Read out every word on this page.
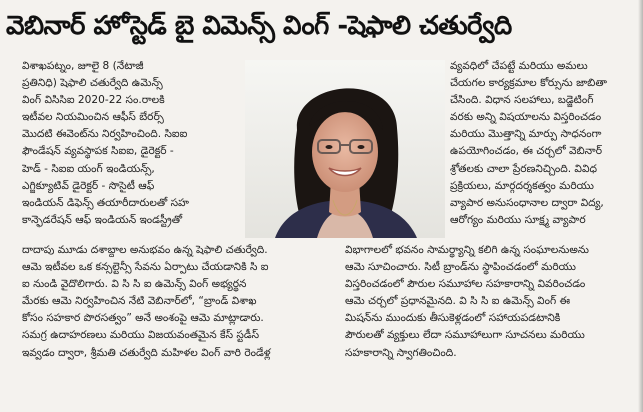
వెబినార్ హోస్టెడ్ బై విమెన్స్ వింగ్ -షెఫాలి చతుర్వేది
విశాఖపట్నం, జూలై 8 (నేటాజీ
ప్రతినిధి) షెఫాలి చతుర్వేది ఉమెన్స్
వింగ్ విసిసిఐ 2020-22 సం.రాలకి
ఇటీవల నియమించిన ఆఫీస్ బేరర్స్
మొదటి ఈవెంట్‌ను నిర్వహించింది. సిఐఐ
ఫౌండేషన్ వ్యవస్థాపక సిఐఐ, డైరెక్టర్ -
హెడ్ - సిఐఐ యంగ్ ఇండియన్స్,
ఎగ్జిక్యూటివ్ డైరెక్టర్ - సొసైటీ ఆఫ్
ఇండియన్ డిఫెన్స్ తయారీదారులతో సహ
కాన్ఫెడరేషన్ ఆఫ్ ఇండియన్ ఇండస్ట్రీతో
వ్యవధిలో చేపట్టే మరియు అమలు
చేయగల కార్యక్రమాల కోర్సును జాబితా
చేసింది. విధాన సలహాలు, బడ్జెటింగ్
వరకు అన్ని విషయాలను విస్తరించడం
మరియు మొత్తాన్ని మార్పు సాధనంగా
ఉపయోగించడం, ఈ చర్చలో వెబినార్
శ్రోతలకు చాలా ప్రేరణనిచ్చింది. వివిధ
ప్రక్రియలు, మార్గదర్శకత్వం మరియు
వ్యాపార అనుసంధానాల ద్వారా విద్య,
ఆరోగ్యం మరియు సూక్ష్మ వ్యాపార
దాదాపు మూడు దశాబ్దాల అనుభవం ఉన్న షెఫాలి చతుర్వేది.
ఆమె ఇటీవల ఒక కన్సల్టెన్సీ సేవను ఏర్పాటు చేయడానికి సి ఐ
ఐ నుండి వైదొలిగారు. వి సి సి ఐ ఉమెన్స్ వింగ్ అభ్యర్థన
మేరకు ఆమె నిర్వహించిన నేటి వెబినార్‌లో, “బ్రాండ్ విశాఖ
కోసం సహకార పొరసత్వం” అనే అంశంపై ఆమె మాట్లాడారు.
సమగ్ర ఉదాహరణలు మరియు విజయవంతమైన కేస్ స్టడీస్
ఇవ్వడం ద్వారా, శ్రీమతి చతుర్వేది మహిళల వింగ్ వారి రెండేళ్ల
విభాగాలలో భవనం సామర్థ్యాన్ని కలిగి ఉన్న సంఘాలనుఅను
ఆమె సూచించారు. సిటీ బ్రాండ్‌ను స్థాపించడంలో మరియు
విస్తరించడంలో పౌరుల సమూహాల సహకారాన్ని వివరించడం
ఆమె చర్చలో ప్రధానమైనది. వి సి సి ఐ ఉమెన్స్ వింగ్ ఈ
మిషన్‌ను ముందుకు తీసుకెళ్లడంలో సహాయపడటానికి
పౌరులతో వ్యక్తులు లేదా సమూహాలుగా సూచనలు మరియు
సహకారాన్ని స్వాగతించింది.
